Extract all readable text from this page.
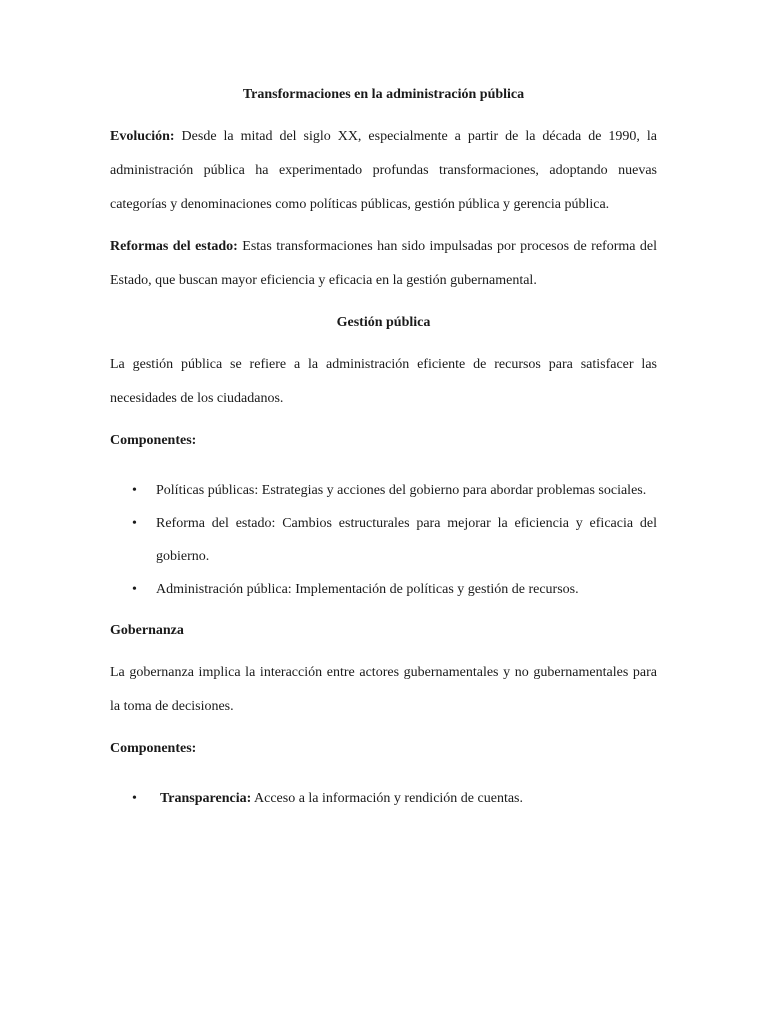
Transformaciones en la administración pública

Evolución: Desde la mitad del siglo XX, especialmente a partir de la década de 1990, la administración pública ha experimentado profundas transformaciones, adoptando nuevas categorías y denominaciones como políticas públicas, gestión pública y gerencia pública.

Reformas del estado: Estas transformaciones han sido impulsadas por procesos de reforma del Estado, que buscan mayor eficiencia y eficacia en la gestión gubernamental.

Gestión pública

La gestión pública se refiere a la administración eficiente de recursos para satisfacer las necesidades de los ciudadanos.

Componentes:
• Políticas públicas: Estrategias y acciones del gobierno para abordar problemas sociales.
• Reforma del estado: Cambios estructurales para mejorar la eficiencia y eficacia del gobierno.
• Administración pública: Implementación de políticas y gestión de recursos.
Gobernanza

La gobernanza implica la interacción entre actores gubernamentales y no gubernamentales para la toma de decisiones.

Componentes:
• Transparencia: Acceso a la información y rendición de cuentas.
